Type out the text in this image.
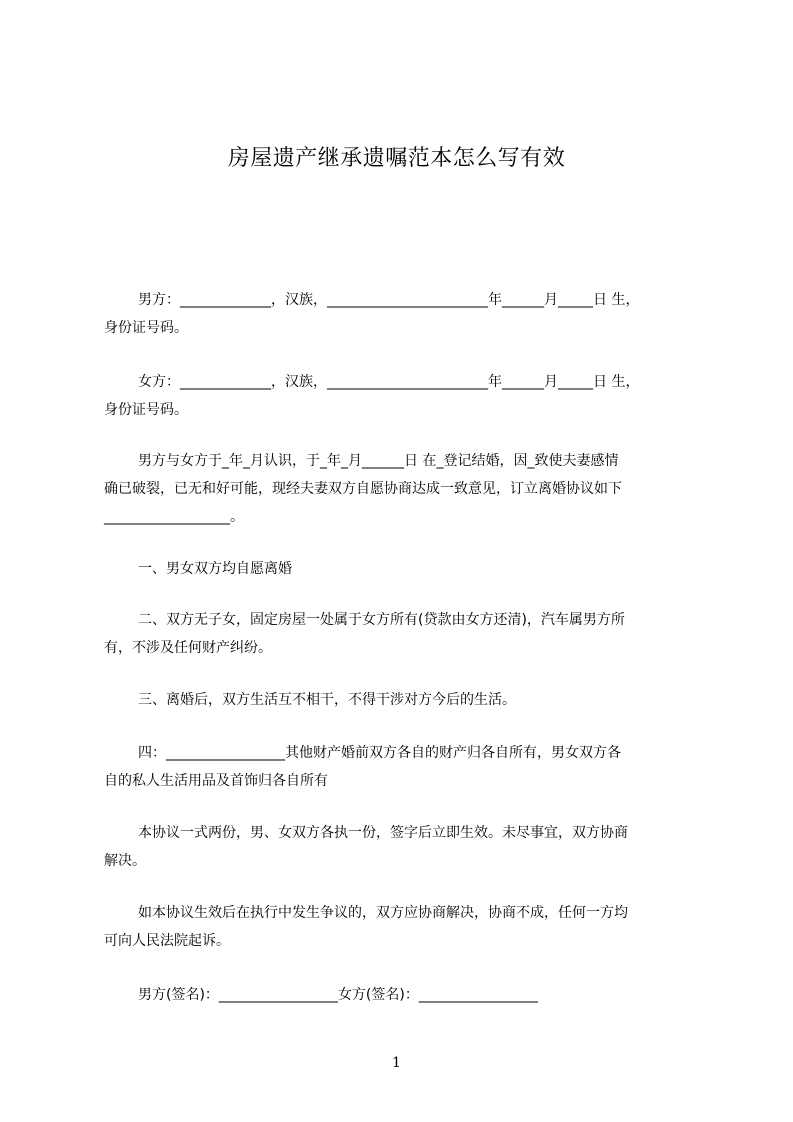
房屋遗产继承遗嘱范本怎么写有效
男方：_____________，汉族，_______________________年______月_____日 生，
身份证号码。
女方：_____________，汉族，_______________________年______月_____日 生，
身份证号码。
男方与女方于_年_月认识，于_年_月______日 在_登记结婚，因_致使夫妻感情
确已破裂，已无和好可能，现经夫妻双方自愿协商达成一致意见，订立离婚协议如下
__________________。
一、男女双方均自愿离婚
二、双方无子女，固定房屋一处属于女方所有(贷款由女方还清)，汽车属男方所
有，不涉及任何财产纠纷。
三、离婚后，双方生活互不相干，不得干涉对方今后的生活。
四：_________________其他财产婚前双方各自的财产归各自所有，男女双方各
自的私人生活用品及首饰归各自所有
本协议一式两份，男、女双方各执一份，签字后立即生效。未尽事宜，双方协商
解决。
如本协议生效后在执行中发生争议的，双方应协商解决，协商不成，任何一方均
可向人民法院起诉。
男方(签名)：_________________女方(签名)：_________________
1
